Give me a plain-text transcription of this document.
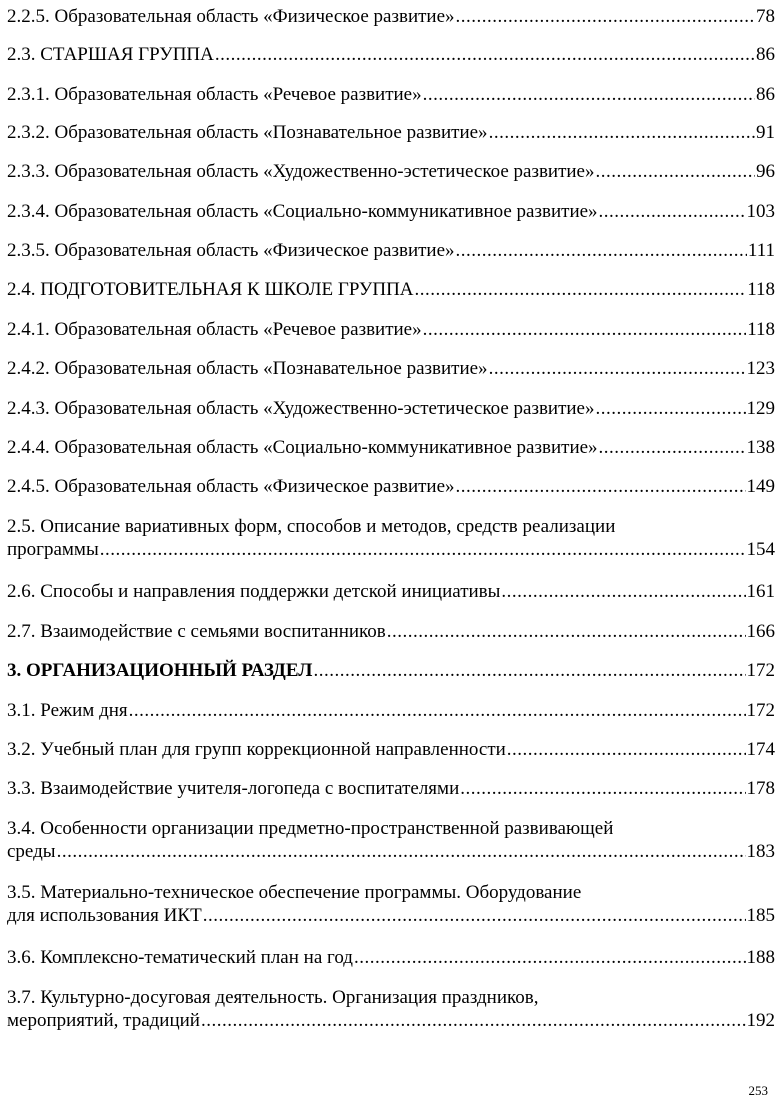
2.2.5. Образовательная область «Физическое развитие» .....	78
2.3. СТАРШАЯ ГРУППА .....	86
2.3.1. Образовательная область «Речевое развитие» .....	86
2.3.2. Образовательная область «Познавательное развитие» .....	91
2.3.3. Образовательная область «Художественно-эстетическое развитие» .....	96
2.3.4. Образовательная область «Социально-коммуникативное развитие» .....	103
2.3.5. Образовательная область «Физическое развитие» .....	111
2.4. ПОДГОТОВИТЕЛЬНАЯ К ШКОЛЕ ГРУППА .....	118
2.4.1. Образовательная область «Речевое развитие» .....	118
2.4.2. Образовательная область «Познавательное развитие» .....	123
2.4.3. Образовательная область «Художественно-эстетическое развитие» .....	129
2.4.4. Образовательная область «Социально-коммуникативное развитие» .....	138
2.4.5. Образовательная область «Физическое развитие» .....	149
2.5. Описание вариативных форм, способов и методов, средств реализации
программы .....	154
2.6. Способы и направления поддержки детской инициативы .....	161
2.7. Взаимодействие с семьями воспитанников .....	166
3. ОРГАНИЗАЦИОННЫЙ РАЗДЕЛ .....	172
3.1. Режим дня .....	172
3.2. Учебный план для групп коррекционной направленности .....	174
3.3. Взаимодействие учителя-логопеда с воспитателями .....	178
3.4. Особенности организации предметно-пространственной развивающей
среды .....	183
3.5. Материально-техническое обеспечение программы. Оборудование
для использования ИКТ .....	185
3.6. Комплексно-тематический план на год .....	188
3.7. Культурно-досуговая деятельность. Организация праздников,
мероприятий, традиций .....	192
253
